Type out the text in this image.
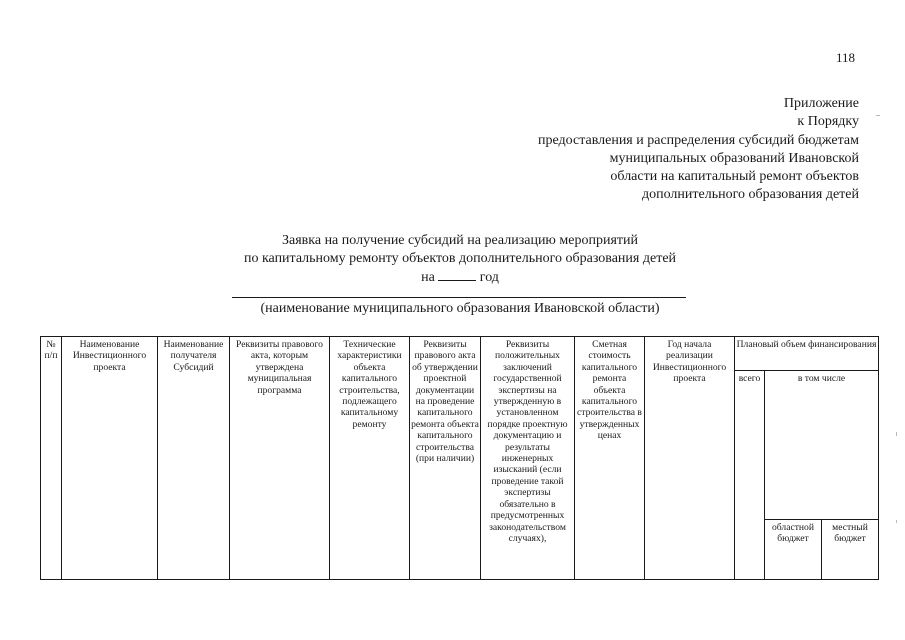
118
Приложение
к Порядку
предоставления и распределения субсидий бюджетам
муниципальных образований Ивановской
области на капитальный ремонт объектов
дополнительного образования детей
Заявка на получение субсидий на реализацию мероприятий
по капитальному ремонту объектов дополнительного образования детей
на	год
(наименование муниципального образования Ивановской области)
№ п/п	Наименование Инвестиционного проекта	Наименование получателя Субсидий	Реквизиты правового акта, которым утверждена муниципальная программа	Технические характеристики объекта капитального строительства, подлежащего капитальному ремонту	Реквизиты правового акта об утверждении проектной документации на проведение капитального ремонта объекта капитального строительства (при наличии)	Реквизиты положительных заключений государственной экспертизы на утвержденную в установленном порядке проектную документацию и результаты инженерных изысканий (если проведение такой экспертизы обязательно в предусмотренных законодательством случаях),	Сметная стоимость капитального ремонта объекта капитального строительства в утвержденных ценах	Год начала реализации Инвестиционного проекта	Плановый объем финансирования		
									всего	в том числе	
										областной бюджет	местный бюджет
